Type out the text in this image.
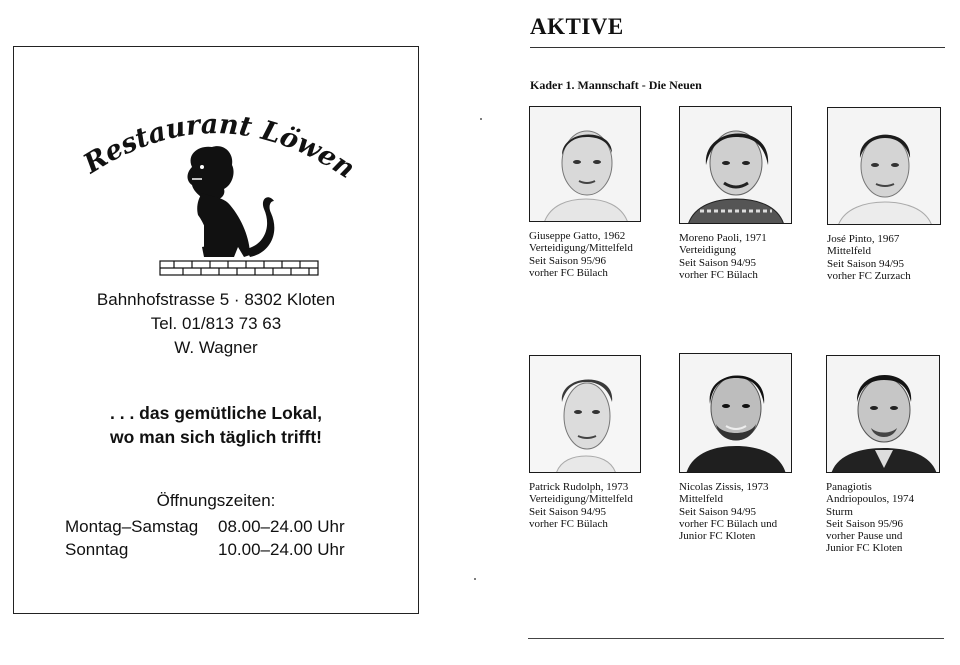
Restaurant Löwen
Bahnhofstrasse 5 · 8302 Kloten
Tel. 01/813 73 63
W. Wagner
. . . das gemütliche Lokal,
wo man sich täglich trifft!
Öffnungszeiten:
Montag–Samstag 08.00–24.00 Uhr
Sonntag	10.00–24.00 Uhr
AKTIVE
Kader 1. Mannschaft - Die Neuen
Giuseppe Gatto, 1962
Verteidigung/Mittelfeld
Seit Saison 95/96
vorher FC Bülach
Moreno Paoli, 1971
Verteidigung
Seit Saison 94/95
vorher FC Bülach
José Pinto, 1967
Mittelfeld
Seit Saison 94/95
vorher FC Zurzach
Patrick Rudolph, 1973
Verteidigung/Mittelfeld
Seit Saison 94/95
vorher FC Bülach
Nicolas Zissis, 1973
Mittelfeld
Seit Saison 94/95
vorher FC Bülach und
Junior FC Kloten
Panagiotis
Andriopoulos, 1974
Sturm
Seit Saison 95/96
vorher Pause und
Junior FC Kloten
